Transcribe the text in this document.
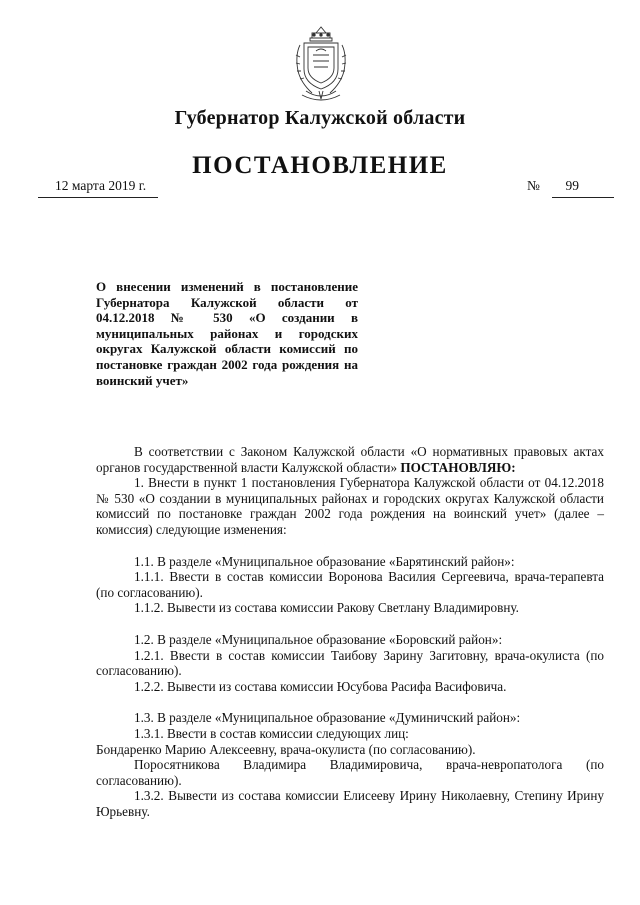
Губернатор Калужской области
ПОСТАНОВЛЕНИЕ
12 марта 2019 г.	№ 99
О внесении изменений в постановление Губернатора Калужской области от 04.12.2018 № 530 «О создании в муниципальных районах и городских округах Калужской области комиссий по постановке граждан 2002 года рождения на воинский учет»

В соответствии с Законом Калужской области «О нормативных правовых актах органов государственной власти Калужской области» ПОСТАНОВЛЯЮ:

1. Внести в пункт 1 постановления Губернатора Калужской области от 04.12.2018 № 530 «О создании в муниципальных районах и городских округах Калужской области комиссий по постановке граждан 2002 года рождения на воинский учет» (далее – комиссия) следующие изменения:

1.1. В разделе «Муниципальное образование «Барятинский район»:

1.1.1. Ввести в состав комиссии Воронова Василия Сергеевича, врача-терапевта (по согласованию).

1.1.2. Вывести из состава комиссии Ракову Светлану Владимировну.

1.2. В разделе «Муниципальное образование «Боровский район»:

1.2.1. Ввести в состав комиссии Таибову Зарину Загитовну, врача-окулиста (по согласованию).

1.2.2. Вывести из состава комиссии Юсубова Расифа Васифовича.

1.3. В разделе «Муниципальное образование «Думиничский район»:

1.3.1. Ввести в состав комиссии следующих лиц:

Бондаренко Марию Алексеевну, врача-окулиста (по согласованию).

Поросятникова Владимира Владимировича, врача-невропатолога (по согласованию).

1.3.2. Вывести из состава комиссии Елисееву Ирину Николаевну, Степину Ирину Юрьевну.
